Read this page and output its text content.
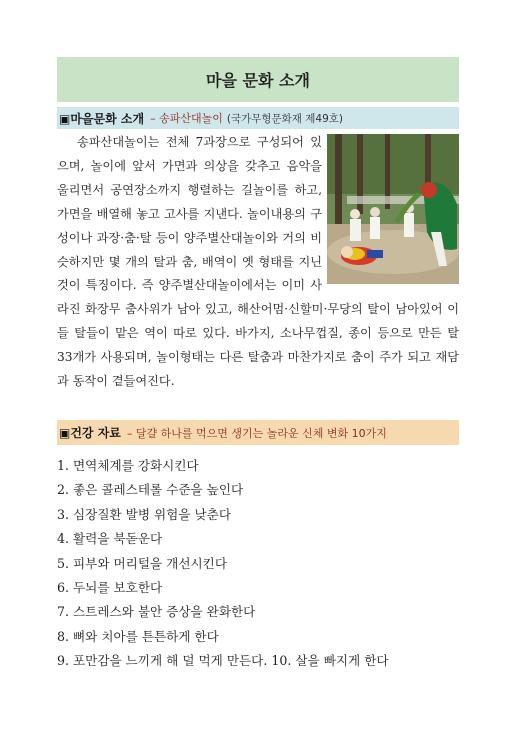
마을 문화 소개
▣마을문화 소개 – 송파산대놀이 (국가무형문화재 제49호)

송파산대놀이는 전체 7과장으로 구성되어 있으며, 놀이에 앞서 가면과 의상을 갖추고 음악을 울리면서 공연장소까지 행렬하는 길놀이를 하고, 가면을 배열해 놓고 고사를 지낸다. 놀이내용의 구성이나 과장·춤·탈 등이 양주별산대놀이와 거의 비슷하지만 몇 개의 탈과 춤, 배역이 옛 형태를 지닌 것이 특징이다. 즉 양주별산대놀이에서는 이미 사라진 화장무 춤사위가 남아 있고, 해산어멈·신할미·무당의 탈이 남아있어 이들 탈들이 맡은 역이 따로 있다. 바가지, 소나무껍질, 종이 등으로 만든 탈 33개가 사용되며, 놀이형태는 다른 탈춤과 마찬가지로 춤이 주가 되고 재담과 동작이 곁들여진다.

▣건강 자료 – 달걀 하나를 먹으면 생기는 놀라운 신체 변화 10가지
1. 면역체계를 강화시킨다
2. 좋은 콜레스테롤 수준을 높인다
3. 심장질환 발병 위험을 낮춘다
4. 활력을 북돋운다
5. 피부와 머리털을 개선시킨다
6. 두뇌를 보호한다
7. 스트레스와 불안 증상을 완화한다
8. 뼈와 치아를 튼튼하게 한다
9. 포만감을 느끼게 해 덜 먹게 만든다. 10. 살을 빠지게 한다
